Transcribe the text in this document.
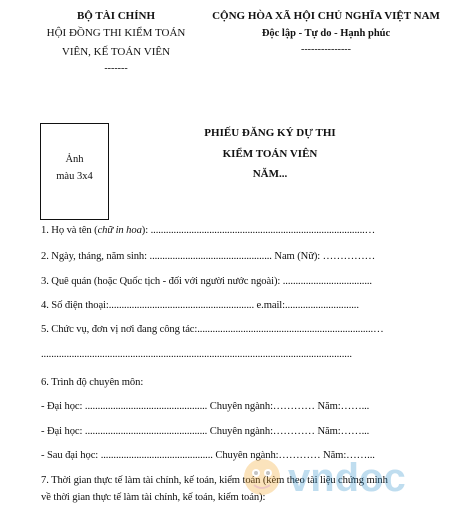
BỘ TÀI CHÍNH
HỘI ĐỒNG THI KIỂM TOÁN
VIÊN, KẾ TOÁN VIÊN
-------
CỘNG HÒA XÃ HỘI CHỦ NGHĨA VIỆT NAM
Độc lập - Tự do - Hạnh phúc
---------------
Ảnh
màu 3x4
PHIẾU ĐĂNG KÝ DỰ THI
KIỂM TOÁN VIÊN
NĂM...
1. Họ và tên (chữ in hoa): ....................................................................................…
2. Ngày, tháng, năm sinh: ................................................ Nam (Nữ): ……………
3. Quê quán (hoặc Quốc tịch - đối với người nước ngoài): ...................................
4. Số điện thoại:......................................................... e.mail:.............................
5. Chức vụ, đơn vị nơi đang công tác:.....................................................................…
..........................................................................................................................
6. Trình độ chuyên môn:
- Đại học: ................................................ Chuyên ngành:………… Năm:……...
- Đại học: ................................................ Chuyên ngành:………… Năm:……...
- Sau đại học: ............................................ Chuyên ngành:………… Năm:……...
7. Thời gian thực tế làm tài chính, kế toán, kiểm toán (kèm theo tài liệu chứng minh
về thời gian thực tế làm tài chính, kế toán, kiểm toán): vndoc
